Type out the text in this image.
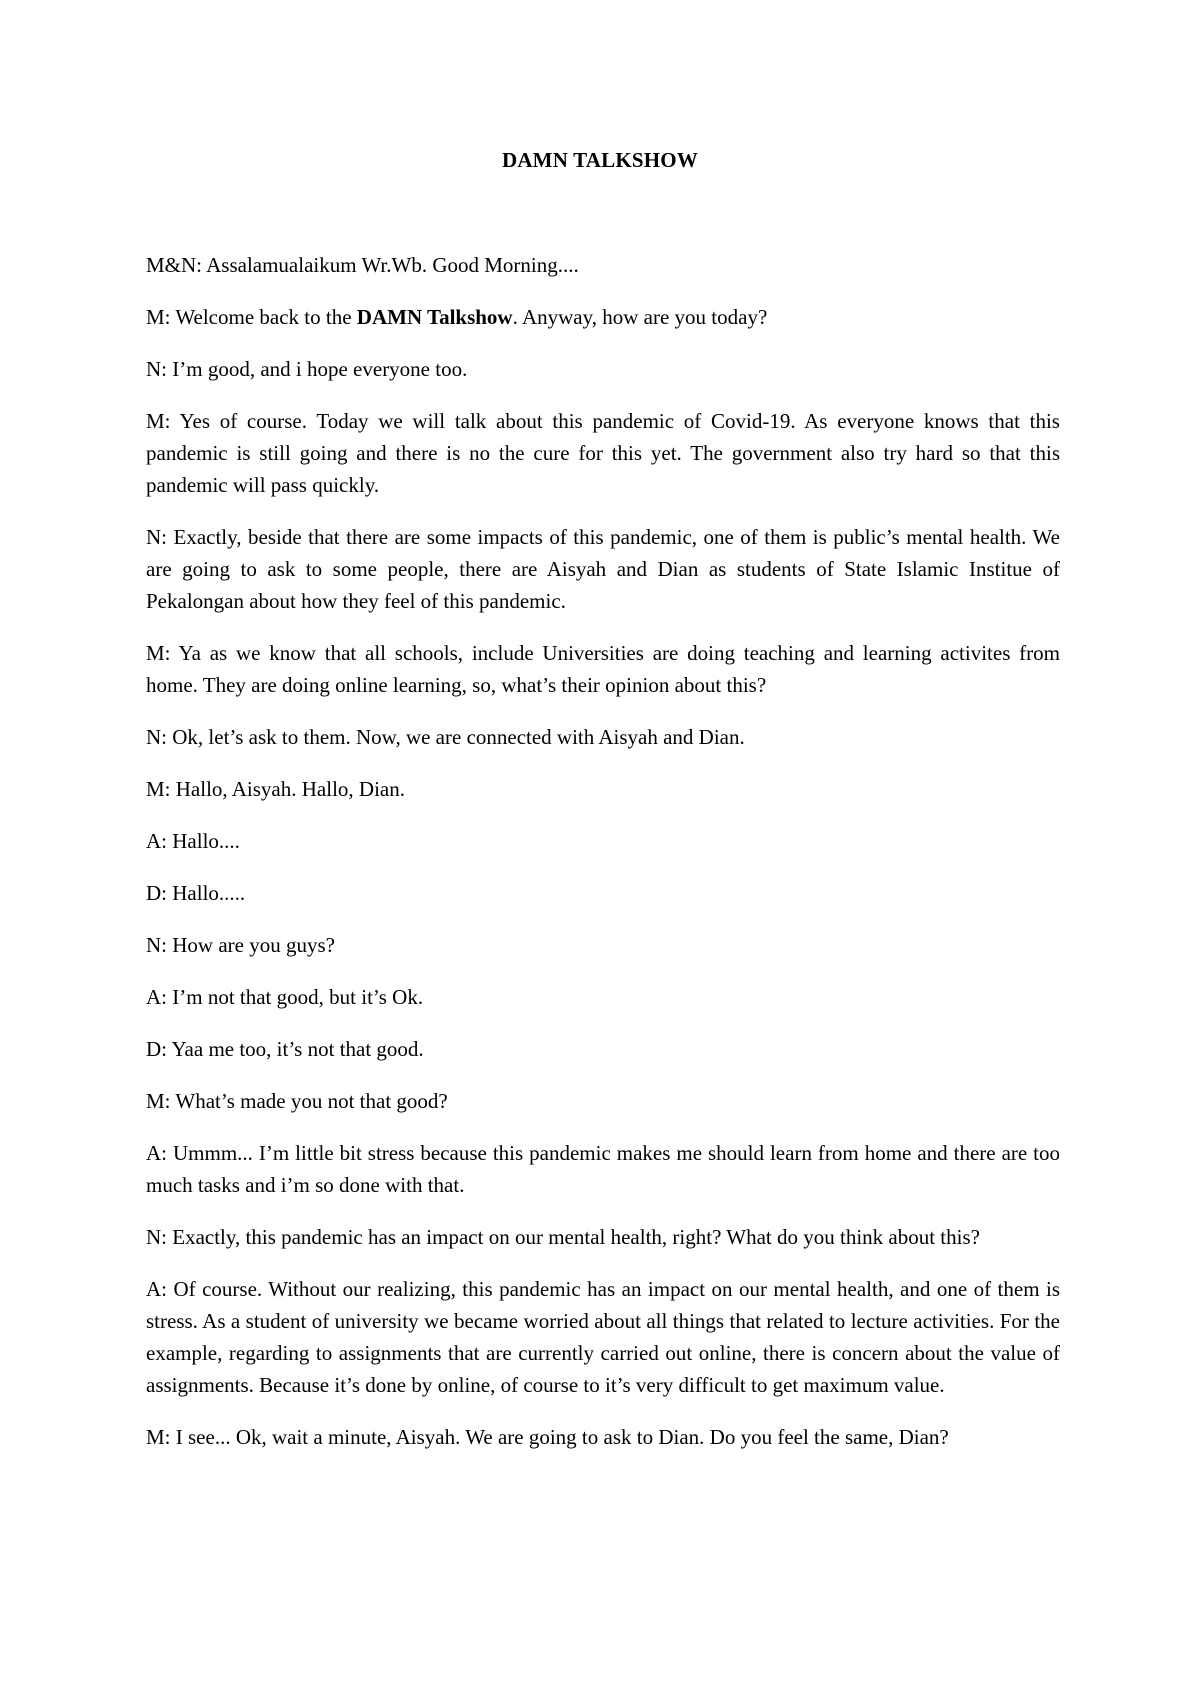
DAMN TALKSHOW

M&N: Assalamualaikum Wr.Wb. Good Morning....

M: Welcome back to the DAMN Talkshow. Anyway, how are you today?

N: I’m good, and i hope everyone too.

M: Yes of course. Today we will talk about this pandemic of Covid-19. As everyone knows that this pandemic is still going and there is no the cure for this yet. The government also try hard so that this pandemic will pass quickly.

N: Exactly, beside that there are some impacts of this pandemic, one of them is public’s mental health. We are going to ask to some people, there are Aisyah and Dian as students of State Islamic Institue of Pekalongan about how they feel of this pandemic.

M: Ya as we know that all schools, include Universities are doing teaching and learning activites from home. They are doing online learning, so, what’s their opinion about this?

N: Ok, let’s ask to them. Now, we are connected with Aisyah and Dian.

M: Hallo, Aisyah. Hallo, Dian.

A: Hallo....

D: Hallo.....

N: How are you guys?

A: I’m not that good, but it’s Ok.

D: Yaa me too, it’s not that good.

M: What’s made you not that good?

A: Ummm... I’m little bit stress because this pandemic makes me should learn from home and there are too much tasks and i’m so done with that.

N: Exactly, this pandemic has an impact on our mental health, right? What do you think about this?

A: Of course. Without our realizing, this pandemic has an impact on our mental health, and one of them is stress. As a student of university we became worried about all things that related to lecture activities. For the example, regarding to assignments that are currently carried out online, there is concern about the value of assignments. Because it’s done by online, of course to it’s very difficult to get maximum value.

M: I see... Ok, wait a minute, Aisyah. We are going to ask to Dian. Do you feel the same, Dian?
